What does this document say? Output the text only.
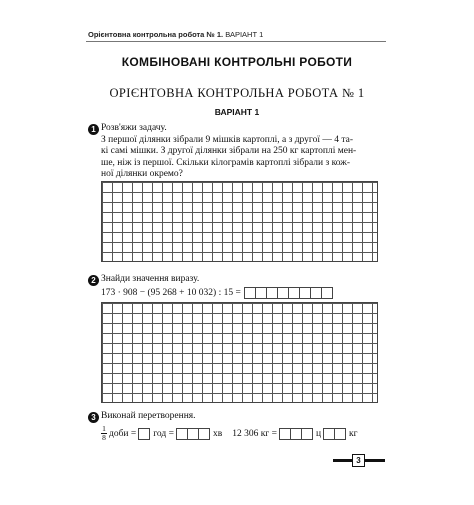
Орієнтовна контрольна робота № 1. ВАРІАНТ 1
КОМБІНОВАНІ КОНТРОЛЬНІ РОБОТИ
ОРІЄНТОВНА КОНТРОЛЬНА РОБОТА № 1
ВАРІАНТ 1
1 Розв'яжи задачу.
З першої ділянки зібрали 9 мішків картоплі, а з другої — 4 та-
кі самі мішки. З другої ділянки зібрали на 250 кг картоплі мен-
ше, ніж із першої. Скільки кілограмів картоплі зібрали з кож-
ної ділянки окремо?
2 Знайди значення виразу.
173 · 908 − (95 268 + 10 032) : 15 =
3 Виконай перетворення.
$\frac{1}{8}$ доби = год =	хв 12 306 кг =	ц	кг
3
